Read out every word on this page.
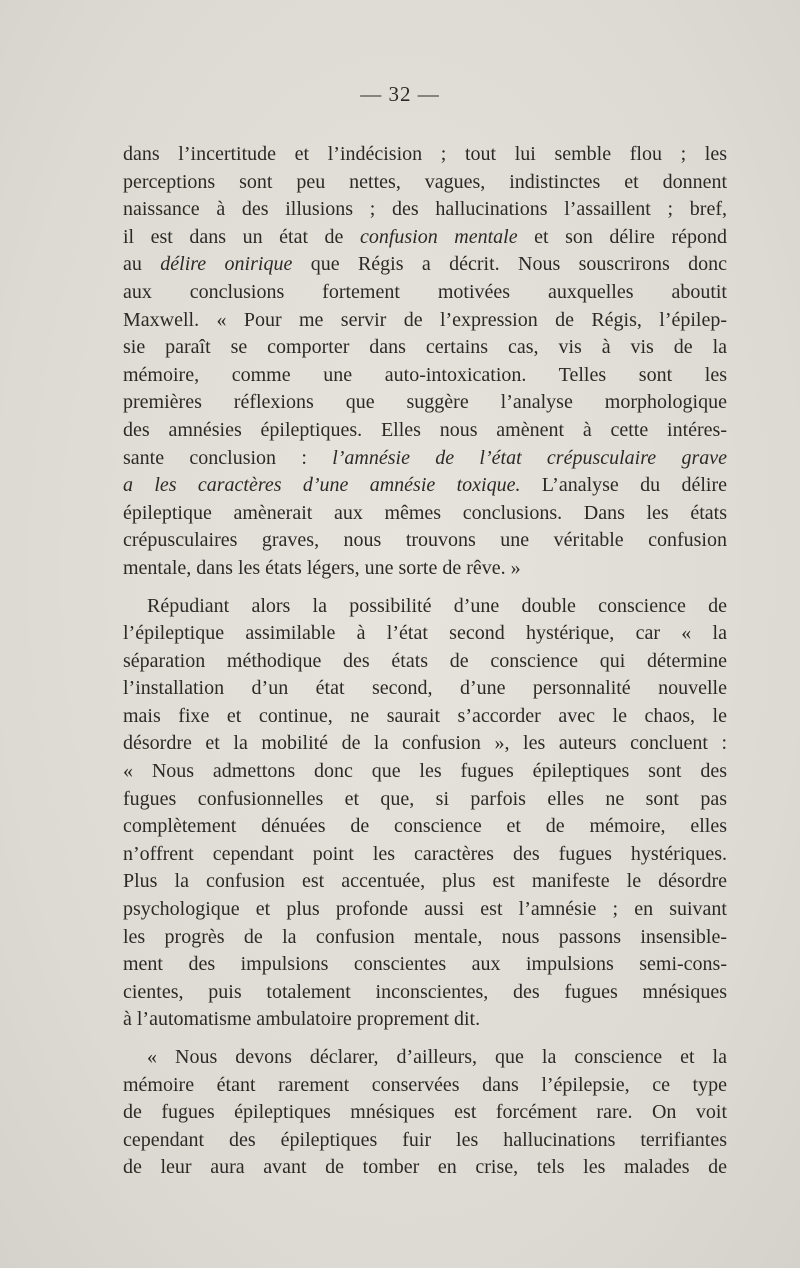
— 32 —

dans l’incertitude et l’indécision ; tout lui semble flou ; les
perceptions sont peu nettes, vagues, indistinctes et donnent
naissance à des illusions ; des hallucinations l’assaillent ; bref,
il est dans un état de confusion mentale et son délire répond
au délire onirique que Régis a décrit. Nous souscrirons donc
aux conclusions fortement motivées auxquelles aboutit
Maxwell. « Pour me servir de l’expression de Régis, l’épilep-
sie paraît se comporter dans certains cas, vis à vis de la
mémoire, comme une auto-intoxication. Telles sont les
premières réflexions que suggère l’analyse morphologique
des amnésies épileptiques. Elles nous amènent à cette intéres-
sante conclusion : l’amnésie de l’état crépusculaire grave
a les caractères d’une amnésie toxique. L’analyse du délire
épileptique amènerait aux mêmes conclusions. Dans les états
crépusculaires graves, nous trouvons une véritable confusion
mentale, dans les états légers, une sorte de rêve. »

Répudiant alors la possibilité d’une double conscience de
l’épileptique assimilable à l’état second hystérique, car « la
séparation méthodique des états de conscience qui détermine
l’installation d’un état second, d’une personnalité nouvelle
mais fixe et continue, ne saurait s’accorder avec le chaos, le
désordre et la mobilité de la confusion », les auteurs concluent :
« Nous admettons donc que les fugues épileptiques sont des
fugues confusionnelles et que, si parfois elles ne sont pas
complètement dénuées de conscience et de mémoire, elles
n’offrent cependant point les caractères des fugues hystériques.
Plus la confusion est accentuée, plus est manifeste le désordre
psychologique et plus profonde aussi est l’amnésie ; en suivant
les progrès de la confusion mentale, nous passons insensible-
ment des impulsions conscientes aux impulsions semi-cons-
cientes, puis totalement inconscientes, des fugues mnésiques
à l’automatisme ambulatoire proprement dit.

« Nous devons déclarer, d’ailleurs, que la conscience et la
mémoire étant rarement conservées dans l’épilepsie, ce type
de fugues épileptiques mnésiques est forcément rare. On voit
cependant des épileptiques fuir les hallucinations terrifiantes
de leur aura avant de tomber en crise, tels les malades de
